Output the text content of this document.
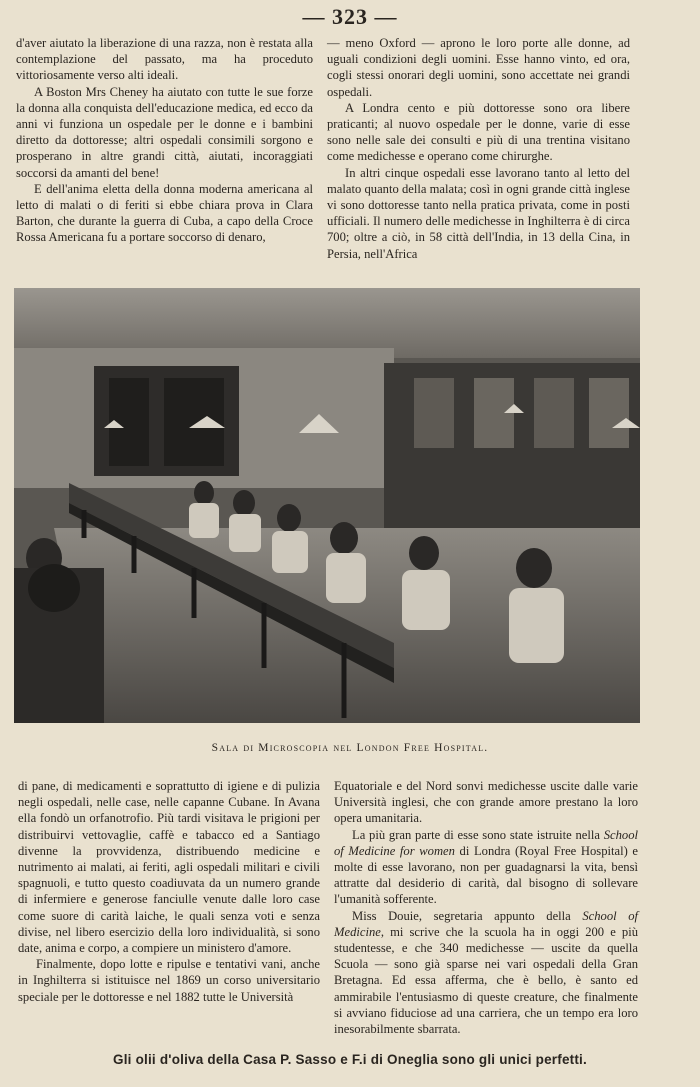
— 323 —

d'aver aiutato la liberazione di una razza, non è restata alla contemplazione del passato, ma ha proceduto vittoriosamente verso alti ideali.

A Boston Mrs Cheney ha aiutato con tutte le sue forze la donna alla conquista dell'educazione medica, ed ecco da anni vi funziona un ospedale per le donne e i bambini diretto da dottoresse; altri ospedali consimili sorgono e prosperano in altre grandi città, aiutati, incoraggiati soccorsi da amanti del bene!

E dell'anima eletta della donna moderna americana al letto di malati o di feriti si ebbe chiara prova in Clara Barton, che durante la guerra di Cuba, a capo della Croce Rossa Americana fu a portare soccorso di denaro,

— meno Oxford — aprono le loro porte alle donne, ad uguali condizioni degli uomini. Esse hanno vinto, ed ora, cogli stessi onorari degli uomini, sono accettate nei grandi ospedali.

A Londra cento e più dottoresse sono ora libere praticanti; al nuovo ospedale per le donne, varie di esse sono nelle sale dei consulti e più di una trentina visitano come medichesse e operano come chirurghe.

In altri cinque ospedali esse lavorano tanto al letto del malato quanto della malata; così in ogni grande città inglese vi sono dottoresse tanto nella pratica privata, come in posti ufficiali. Il numero delle medichesse in Inghilterra è di circa 700; oltre a ciò, in 58 città dell'India, in 13 della Cina, in Persia, nell'Africa

Sala di Microscopia nel London Free Hospital.

di pane, di medicamenti e soprattutto di igiene e di pulizia negli ospedali, nelle case, nelle capanne Cubane. In Avana ella fondò un orfanotrofio. Più tardi visitava le prigioni per distribuirvi vettovaglie, caffè e tabacco ed a Santiago divenne la provvidenza, distribuendo medicine e nutrimento ai malati, ai feriti, agli ospedali militari e civili spagnuoli, e tutto questo coadiuvata da un numero grande di infermiere e generose fanciulle venute dalle loro case come suore di carità laiche, le quali senza voti e senza divise, nel libero esercizio della loro individualità, si sono date, anima e corpo, a compiere un ministero d'amore.

Finalmente, dopo lotte e ripulse e tentativi vani, anche in Inghilterra si istituisce nel 1869 un corso universitario speciale per le dottoresse e nel 1882 tutte le Università

Equatoriale e del Nord sonvi medichesse uscite dalle varie Università inglesi, che con grande amore prestano la loro opera umanitaria.

La più gran parte di esse sono state istruite nella School of Medicine for women di Londra (Royal Free Hospital) e molte di esse lavorano, non per guadagnarsi la vita, bensì attratte dal desiderio di carità, dal bisogno di sollevare l'umanità sofferente.

Miss Douie, segretaria appunto della School of Medicine, mi scrive che la scuola ha in oggi 200 e più studentesse, e che 340 medichesse — uscite da quella Scuola — sono già sparse nei vari ospedali della Gran Bretagna. Ed essa afferma, che è bello, è santo ed ammirabile l'entusiasmo di queste creature, che finalmente si avviano fiduciose ad una carriera, che un tempo era loro inesorabilmente sbarrata.

Gli olii d'oliva della Casa P. Sasso e F.i di Oneglia sono gli unici perfetti.
